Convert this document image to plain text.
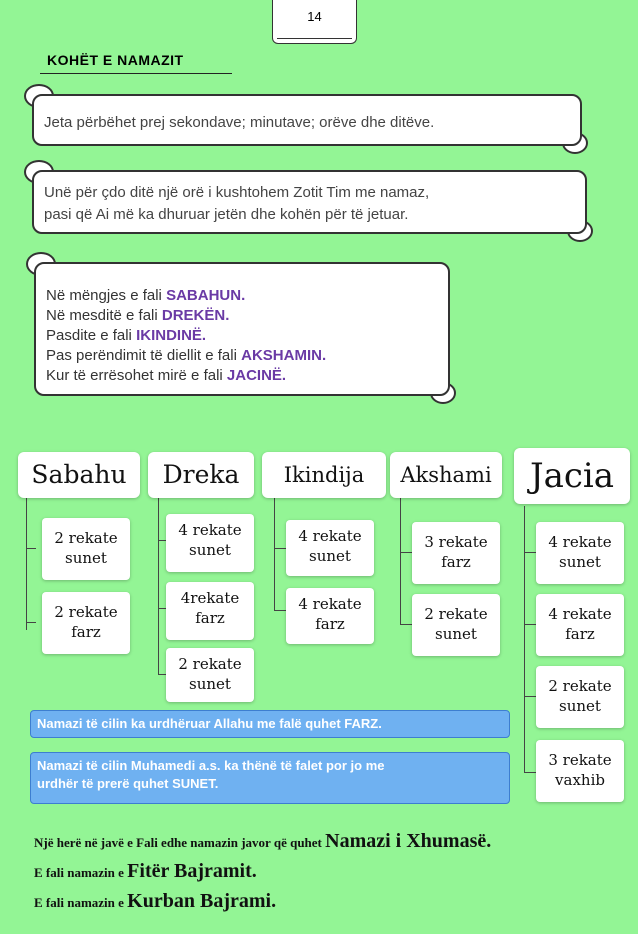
14
KOHËT E NAMAZIT
Jeta përbëhet prej sekondave; minutave; orëve dhe ditëve.
Unë për çdo ditë një orë i kushtohem Zotit Tim me namaz,
pasi që Ai më ka dhuruar jetën dhe kohën për të jetuar.
Në mëngjes e fali SABAHUN.
Në mesditë e fali DREKËN.
Pasdite e fali IKINDINË.
Pas perëndimit të diellit e fali AKSHAMIN.
Kur të errësohet mirë e fali JACINË.
Sabahu
2 rekate
sunet
2 rekate
farz
Dreka
4 rekate
sunet
4rekate
farz
2 rekate
sunet
Ikindija
4 rekate
sunet
4 rekate
farz
Akshami
3 rekate
farz
2 rekate
sunet
Jacia
4 rekate
sunet
4 rekate
farz
2 rekate
sunet
3 rekate
vaxhib
Namazi të cilin ka urdhëruar Allahu me falë quhet FARZ.
Namazi të cilin Muhamedi a.s. ka thënë të falet por jo me
urdhër të prerë quhet SUNET.
Një herë në javë e Fali edhe namazin javor që quhet Namazi i Xhumasë.
E fali namazin e Fitër Bajramit.
E fali namazin e Kurban Bajrami.
